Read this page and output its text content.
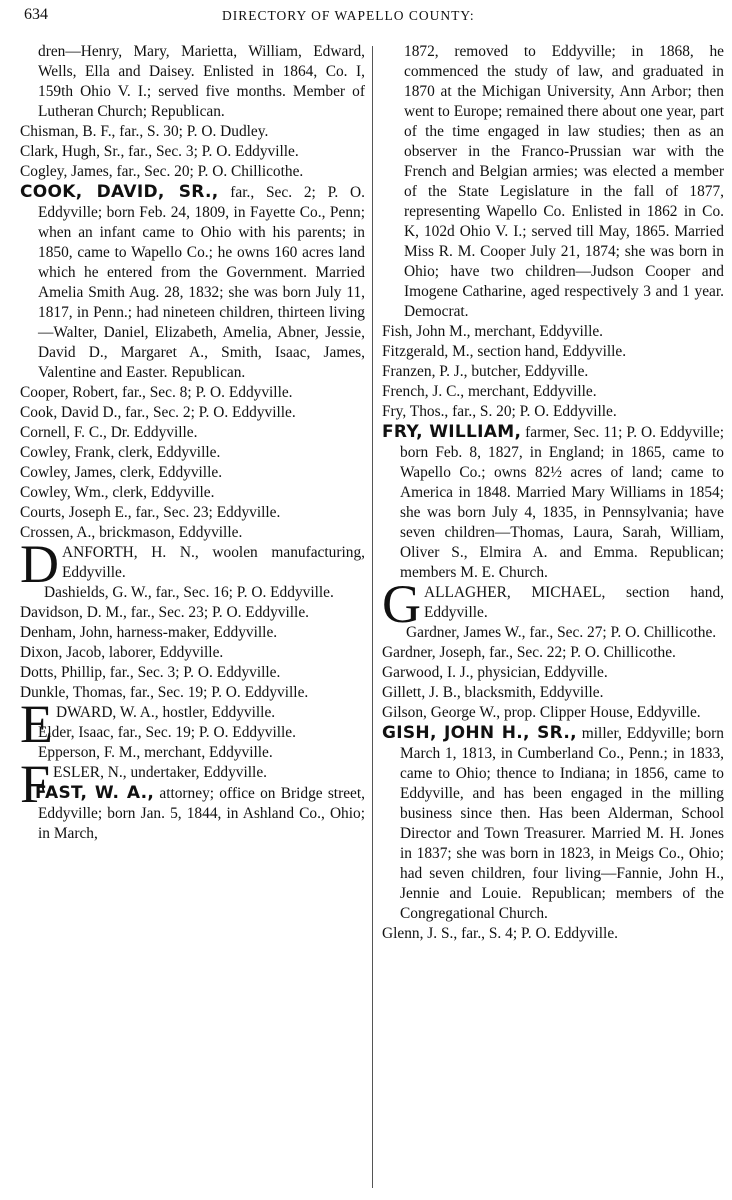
634	DIRECTORY OF WAPELLO COUNTY:

dren—Henry, Mary, Marietta, William, Edward, Wells, Ella and Daisey. Enlisted in 1864, Co. I, 159th Ohio V. I.; served five months. Member of Lutheran Church; Republican.

Chisman, B. F., far., S. 30; P. O. Dudley.

Clark, Hugh, Sr., far., Sec. 3; P. O. Eddyville.

Cogley, James, far., Sec. 20; P. O. Chillicothe.

COOK, DAVID, SR., far., Sec. 2; P. O. Eddyville; born Feb. 24, 1809, in Fayette Co., Penn; when an infant came to Ohio with his parents; in 1850, came to Wapello Co.; he owns 160 acres land which he entered from the Government. Married Amelia Smith Aug. 28, 1832; she was born July 11, 1817, in Penn.; had nineteen children, thirteen living—Walter, Daniel, Elizabeth, Amelia, Abner, Jessie, David D., Margaret A., Smith, Isaac, James, Valentine and Easter. Republican.

Cooper, Robert, far., Sec. 8; P. O. Eddyville.

Cook, David D., far., Sec. 2; P. O. Eddyville.

Cornell, F. C., Dr. Eddyville.

Cowley, Frank, clerk, Eddyville.

Cowley, James, clerk, Eddyville.

Cowley, Wm., clerk, Eddyville.

Courts, Joseph E., far., Sec. 23; Eddyville.

Crossen, A., brickmason, Eddyville.

DANFORTH, H. N., woolen manufacturing, Eddyville.

Dashields, G. W., far., Sec. 16; P. O. Eddyville.

Davidson, D. M., far., Sec. 23; P. O. Eddyville.

Denham, John, harness-maker, Eddyville.

Dixon, Jacob, laborer, Eddyville.

Dotts, Phillip, far., Sec. 3; P. O. Eddyville.

Dunkle, Thomas, far., Sec. 19; P. O. Eddyville.

EDWARD, W. A., hostler, Eddyville.

Elder, Isaac, far., Sec. 19; P. O. Eddyville.

Epperson, F. M., merchant, Eddyville.

FESLER, N., undertaker, Eddyville.

FAST, W. A., attorney; office on Bridge street, Eddyville; born Jan. 5, 1844, in Ashland Co., Ohio; in March,

1872, removed to Eddyville; in 1868, he commenced the study of law, and graduated in 1870 at the Michigan University, Ann Arbor; then went to Europe; remained there about one year, part of the time engaged in law studies; then as an observer in the Franco-Prussian war with the French and Belgian armies; was elected a member of the State Legislature in the fall of 1877, representing Wapello Co. Enlisted in 1862 in Co. K, 102d Ohio V. I.; served till May, 1865. Married Miss R. M. Cooper July 21, 1874; she was born in Ohio; have two children—Judson Cooper and Imogene Catharine, aged respectively 3 and 1 year. Democrat.

Fish, John M., merchant, Eddyville.

Fitzgerald, M., section hand, Eddyville.

Franzen, P. J., butcher, Eddyville.

French, J. C., merchant, Eddyville.

Fry, Thos., far., S. 20; P. O. Eddyville.

FRY, WILLIAM, farmer, Sec. 11; P. O. Eddyville; born Feb. 8, 1827, in England; in 1865, came to Wapello Co.; owns 82½ acres of land; came to America in 1848. Married Mary Williams in 1854; she was born July 4, 1835, in Pennsylvania; have seven children—Thomas, Laura, Sarah, William, Oliver S., Elmira A. and Emma. Republican; members M. E. Church.

GALLAGHER, MICHAEL, section hand, Eddyville.

Gardner, James W., far., Sec. 27; P. O. Chillicothe.

Gardner, Joseph, far., Sec. 22; P. O. Chillicothe.

Garwood, I. J., physician, Eddyville.

Gillett, J. B., blacksmith, Eddyville.

Gilson, George W., prop. Clipper House, Eddyville.

GISH, JOHN H., SR., miller, Eddyville; born March 1, 1813, in Cumberland Co., Penn.; in 1833, came to Ohio; thence to Indiana; in 1856, came to Eddyville, and has been engaged in the milling business since then. Has been Alderman, School Director and Town Treasurer. Married M. H. Jones in 1837; she was born in 1823, in Meigs Co., Ohio; had seven children, four living—Fannie, John H., Jennie and Louie. Republican; members of the Congregational Church.

Glenn, J. S., far., S. 4; P. O. Eddyville.
